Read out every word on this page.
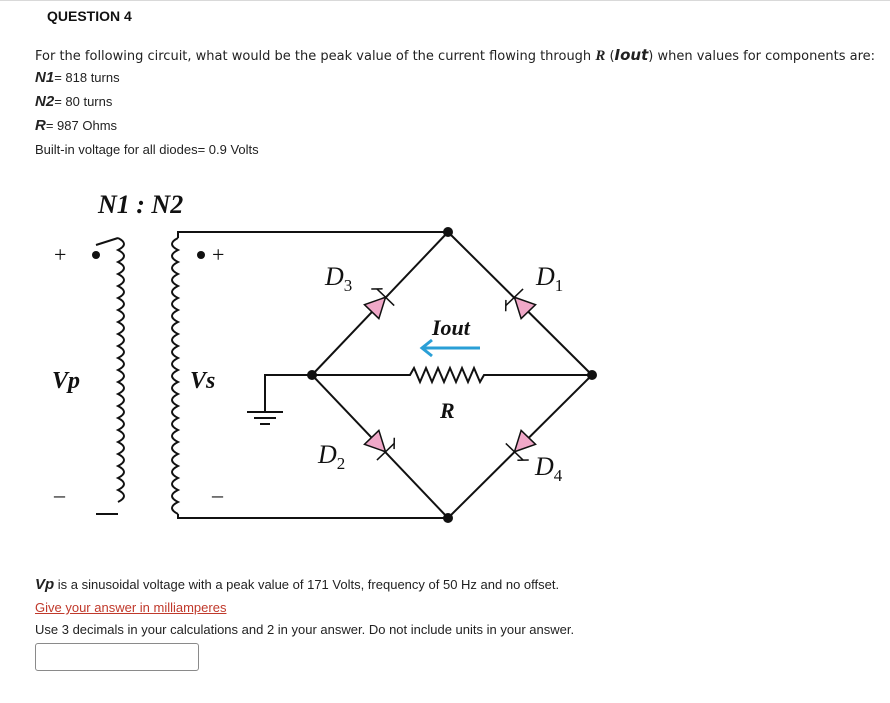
QUESTION 4
For the following circuit, what would be the peak value of the current flowing through R (Iout) when values for components are:
N1= 818 turns
N2= 80 turns
R= 987 Ohms
Built-in voltage for all diodes= 0.9 Volts
N1 : N2
+	+
–	–
Vp	Vs
$D_3$	$D_1$
$D_2$	$D_4$
Iout
R
Vp is a sinusoidal voltage with a peak value of 171 Volts, frequency of 50 Hz and no offset.
Give your answer in milliamperes
Use 3 decimals in your calculations and 2 in your answer. Do not include units in your answer.
